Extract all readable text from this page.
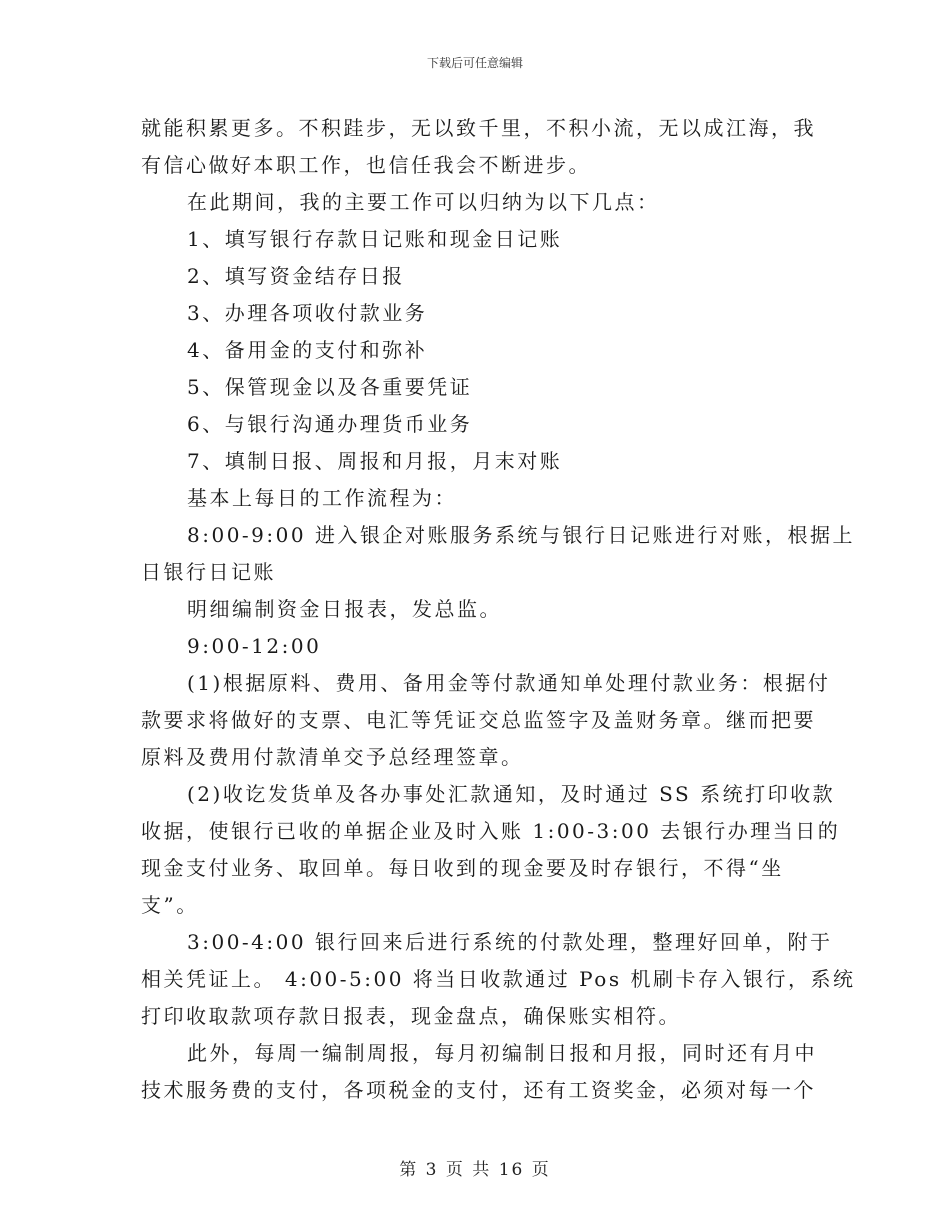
下载后可任意编辑
就能积累更多。不积跬步，无以致千里，不积小流，无以成江海，我
有信心做好本职工作，也信任我会不断进步。
在此期间，我的主要工作可以归纳为以下几点：
1、填写银行存款日记账和现金日记账
2、填写资金结存日报
3、办理各项收付款业务
4、备用金的支付和弥补
5、保管现金以及各重要凭证
6、与银行沟通办理货币业务
7、填制日报、周报和月报，月末对账
基本上每日的工作流程为：
8:00-9:00 进入银企对账服务系统与银行日记账进行对账，根据上
日银行日记账
明细编制资金日报表，发总监。
9:00-12:00
(1)根据原料、费用、备用金等付款通知单处理付款业务：根据付
款要求将做好的支票、电汇等凭证交总监签字及盖财务章。继而把要
原料及费用付款清单交予总经理签章。
(2)收讫发货单及各办事处汇款通知，及时通过 SS 系统打印收款
收据，使银行已收的单据企业及时入账 1:00-3:00 去银行办理当日的
现金支付业务、取回单。每日收到的现金要及时存银行，不得“坐
支”。
3:00-4:00 银行回来后进行系统的付款处理，整理好回单，附于
相关凭证上。 4:00-5:00 将当日收款通过 Pos 机刷卡存入银行，系统
打印收取款项存款日报表，现金盘点，确保账实相符。
此外，每周一编制周报，每月初编制日报和月报，同时还有月中
技术服务费的支付，各项税金的支付，还有工资奖金，必须对每一个
第 3 页 共 16 页
